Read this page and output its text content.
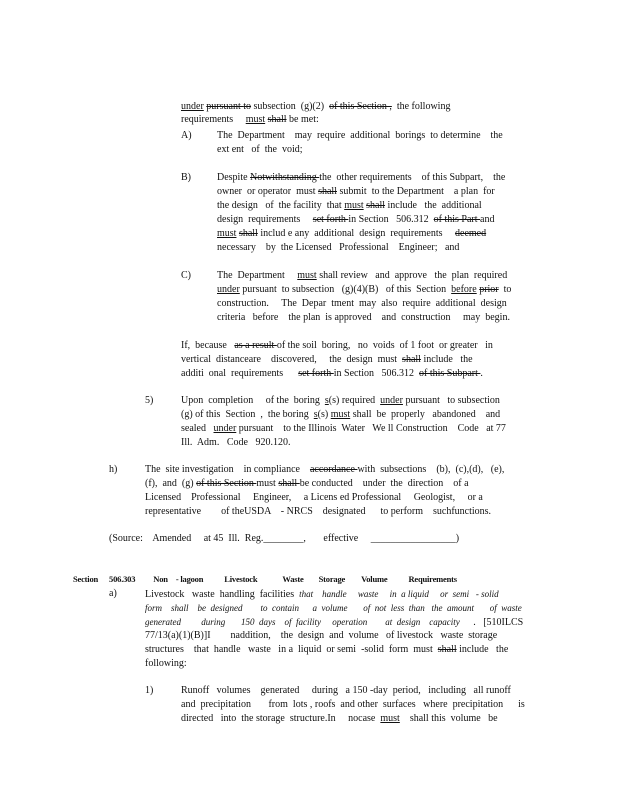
under pursuant to subsection  (g)(2)  of this Section ,  the following

requirements     must shall be met:

A)	The  Department    may  require  additional  borings  to determine    the
ext ent   of  the  void;
B)	Despite Notwithstanding the  other requirements    of this Subpart,    the
owner  or operator  must shall submit  to the Department    a plan  for
the design   of  the facility  that must shall include   the  additional
design  requirements     set forth in Section   506.312  of this Part and
must shall includ e any  additional  design  requirements     deemed
necessary    by  the Licensed   Professional    Engineer;   and
C)	The  Department     must shall review   and  approve   the  plan  required
under pursuant  to subsection   (g)(4)(B)   of this  Section  before prior  to
construction.     The  Depar  tment  may  also  require  additional  design
criteria   before    the plan  is approved    and  construction     may  begin.
If,  because   as a result of the soil  boring,   no  voids  of 1 foot  or greater   in
vertical  distanceare    discovered,     the  design  must  shall include   the
additi  onal  requirements      set forth in Section   506.312  of this Subpart .
5)	Upon  completion     of the  boring  s(s) required  under pursuant   to subsection
(g) of this  Section  ,  the boring  s(s) must shall  be  properly   abandoned    and
sealed   under pursuant    to the Illinois  Water   We ll Construction    Code   at 77
Ill.  Adm.   Code   920.120.
h)	The  site investigation    in compliance    accordance with  subsections    (b),  (c),(d),   (e),
(f),  and  (g) of this Section must shall be conducted    under  the  direction    of a
Licensed    Professional     Engineer,     a Licens ed Professional     Geologist,     or a
representative        of theUSDA    - NRCS    designated      to perform    suchfunctions.
(Source:    Amended     at 45  Ill.  Reg.________,       effective     _________________)

Section 506.303 Non - lagoon Livestock	Waste Storage Volume Requirements

a)	Livestock   waste  handling  facilities  that    handle     waste     in  a liquid     or  semi   - solid
form    shall    be  designed        to  contain      a  volume       of  not  less  than   the  amount       of  waste
generated         during       150  days    of  facility     operation        at  design    capacity      .   [510ILCS
77/13(a)(1)(B)]I        naddition,    the  design  and  volume   of livestock   waste  storage
structures    that  handle   waste   in a  liquid  or semi  -solid  form  must  shall include   the
following:
1)	Runoff   volumes    generated     during   a 150 -day  period,   including   all runoff
and  precipitation       from  lots , roofs  and other  surfaces   where  precipitation      is
directed   into  the storage  structure.In     nocase  must    shall this  volume   be
